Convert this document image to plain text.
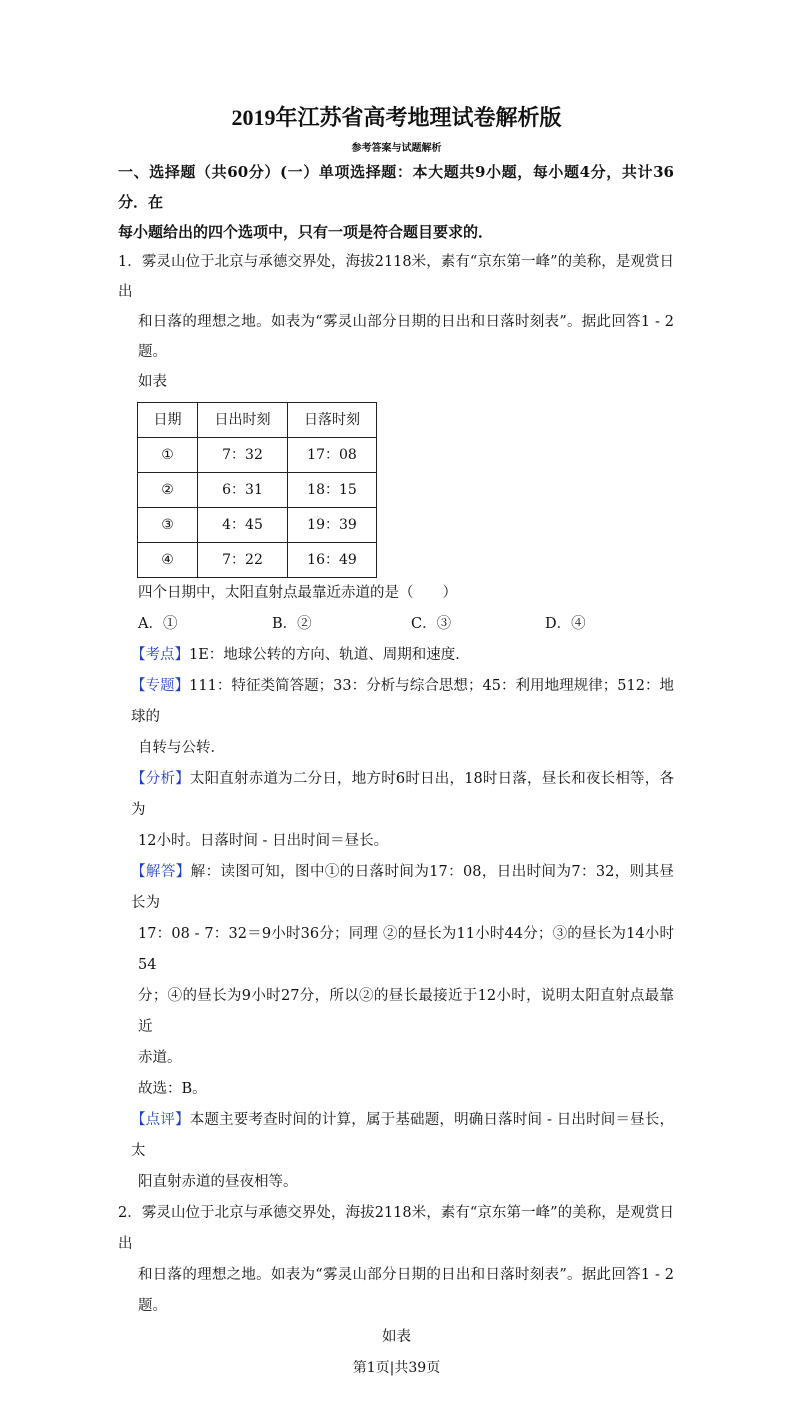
2019年江苏省高考地理试卷解析版
参考答案与试题解析
一、选择题（共60分）(一）单项选择题：本大题共9小题，每小题4分，共计36分．在
每小题给出的四个选项中，只有一项是符合题目要求的．
1．雾灵山位于北京与承德交界处，海拔2118米，素有“京东第一峰”的美称，是观赏日出
和日落的理想之地。如表为“雾灵山部分日期的日出和日落时刻表”。据此回答1 - 2题。
如表
日期	日出时刻	日落时刻
①	7：32	17：08
②	6：31	18：15
③	4：45	19：39
④	7：22	16：49
四个日期中，太阳直射点最靠近赤道的是（　　）
A．①	B．②	C．③	D．④
【考点】1E：地球公转的方向、轨道、周期和速度．
【专题】111：特征类简答题；33：分析与综合思想；45：利用地理规律；512：地球的
自转与公转．
【分析】太阳直射赤道为二分日，地方时6时日出，18时日落，昼长和夜长相等，各为
12小时。日落时间 - 日出时间＝昼长。
【解答】解：读图可知，图中①的日落时间为17：08，日出时间为7：32，则其昼长为
17：08 - 7：32＝9小时36分；同理 ②的昼长为11小时44分；③的昼长为14小时54
分；④的昼长为9小时27分，所以②的昼长最接近于12小时，说明太阳直射点最靠近
赤道。
故选：B。
【点评】本题主要考查时间的计算，属于基础题，明确日落时间 - 日出时间＝昼长，太
阳直射赤道的昼夜相等。
2．雾灵山位于北京与承德交界处，海拔2118米，素有“京东第一峰”的美称，是观赏日出
和日落的理想之地。如表为“雾灵山部分日期的日出和日落时刻表”。据此回答1 - 2题。
如表
第1页|共39页
